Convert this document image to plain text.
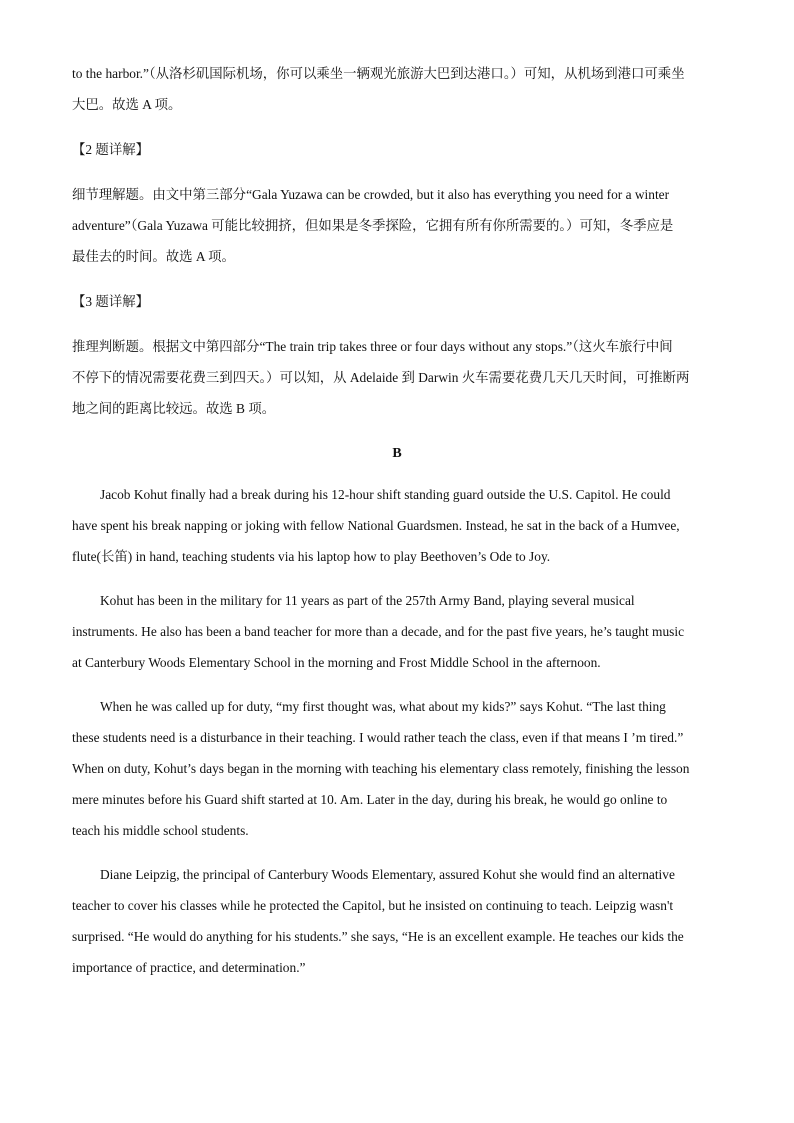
to the harbor.”（从洛杉矶国际机场，你可以乘坐一辆观光旅游大巴到达港口。）可知，从机场到港口可乘坐
大巴。故选 A 项。
【2 题详解】
细节理解题。由文中第三部分“Gala Yuzawa can be crowded, but it also has everything you need for a winter
adventure”（Gala Yuzawa 可能比较拥挤，但如果是冬季探险，它拥有所有你所需要的。）可知，冬季应是
最佳去的时间。故选 A 项。
【3 题详解】
推理判断题。根据文中第四部分“The train trip takes three or four days without any stops.”（这火车旅行中间
不停下的情况需要花费三到四天。）可以知，从 Adelaide 到 Darwin 火车需要花费几天几天时间，可推断两
地之间的距离比较远。故选 B 项。
B
Jacob Kohut finally had a break during his 12-hour shift standing guard outside the U.S. Capitol. He could
have spent his break napping or joking with fellow National Guardsmen. Instead, he sat in the back of a Humvee,
flute(长笛) in hand, teaching students via his laptop how to play Beethoven’s Ode to Joy.
Kohut has been in the military for 11 years as part of the 257th Army Band, playing several musical
instruments. He also has been a band teacher for more than a decade, and for the past five years, he’s taught music
at Canterbury Woods Elementary School in the morning and Frost Middle School in the afternoon.
When he was called up for duty, “my first thought was, what about my kids?” says Kohut. “The last thing
these students need is a disturbance in their teaching. I would rather teach the class, even if that means I ’m tired.”
When on duty, Kohut’s days began in the morning with teaching his elementary class remotely, finishing the lesson
mere minutes before his Guard shift started at 10. Am. Later in the day, during his break, he would go online to
teach his middle school students.
Diane Leipzig, the principal of Canterbury Woods Elementary, assured Kohut she would find an alternative
teacher to cover his classes while he protected the Capitol, but he insisted on continuing to teach. Leipzig wasn't
surprised. “He would do anything for his students.” she says, “He is an excellent example. He teaches our kids the
importance of practice, and determination.”
